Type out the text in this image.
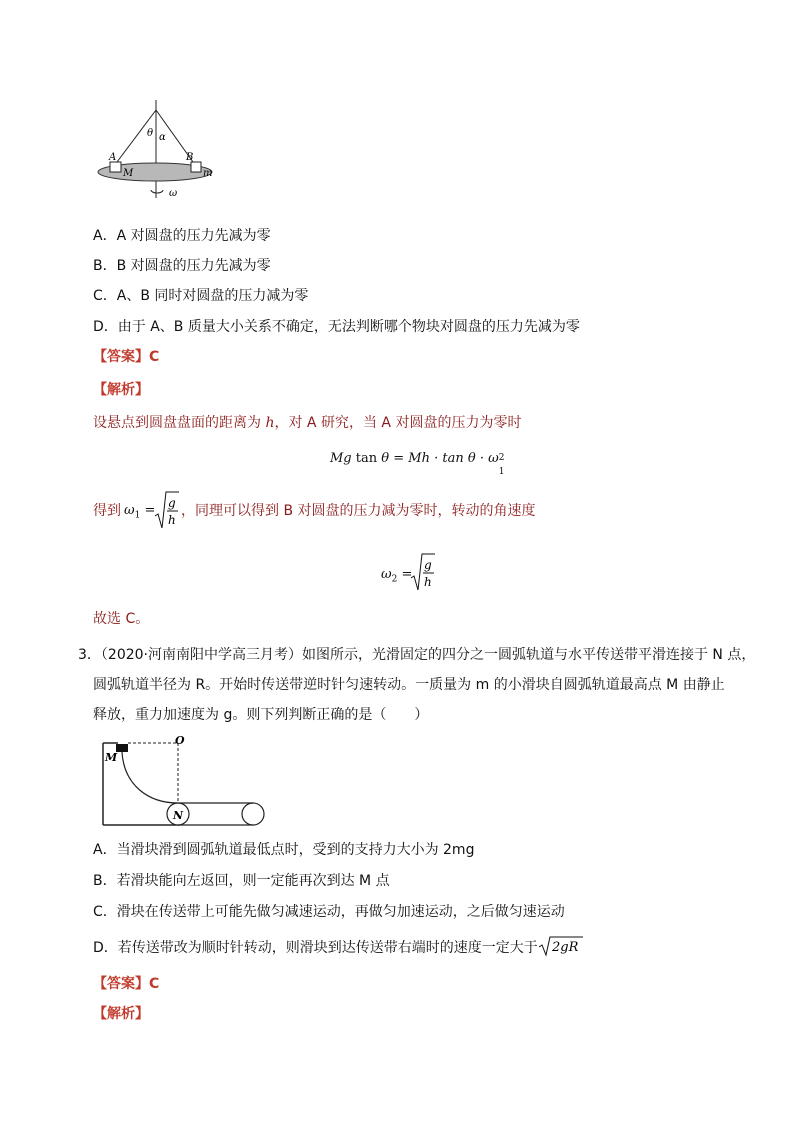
A	B
M	m
θ α
ω
A．A 对圆盘的压力先减为零
B．B 对圆盘的压力先减为零
C．A、B 同时对圆盘的压力减为零
D．由于 A、B 质量大小关系不确定，无法判断哪个物块对圆盘的压力先减为零
【答案】C
【解析】
设悬点到圆盘盘面的距离为 h，对 A 研究，当 A 对圆盘的压力为零时
Mg tan θ = Mh · tan θ · ω 2
1
得到 $\omega_1 = g$
h
，同理可以得到 B 对圆盘的压力减为零时，转动的角速度
$\omega_2$ =
g
h
故选 C。
3．（2020·河南南阳中学高三月考）如图所示，光滑固定的四分之一圆弧轨道与水平传送带平滑连接于 N 点，
圆弧轨道半径为 R。开始时传送带逆时针匀速转动。一质量为 m 的小滑块自圆弧轨道最高点 M 由静止
释放，重力加速度为 g。则下列判断正确的是（　　）
M
O
N
A．当滑块滑到圆弧轨道最低点时，受到的支持力大小为 2mg
B．若滑块能向左返回，则一定能再次到达 M 点
C．滑块在传送带上可能先做匀减速运动，再做匀加速运动，之后做匀速运动
D．若传送带改为顺时针转动，则滑块到达传送带右端时的速度一定大于 2gR
【答案】C
【解析】
